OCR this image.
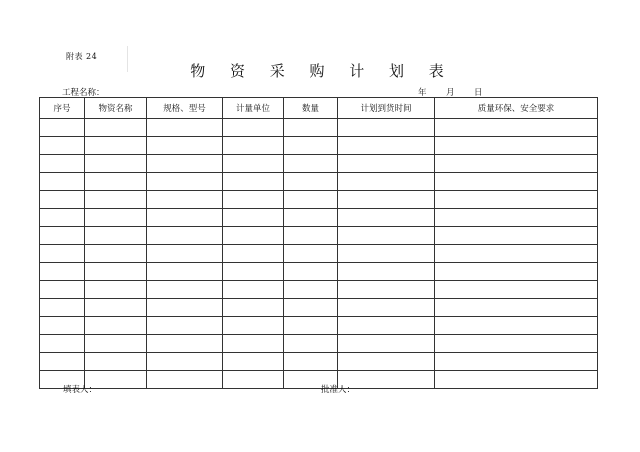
附表 24
物 资 采 购 计 划 表
工程名称：	年 月 日
序号	物资名称	规格、型号	计量单位	数量	计划到货时间	质量环保、安全要求

填表人：	批准人：
